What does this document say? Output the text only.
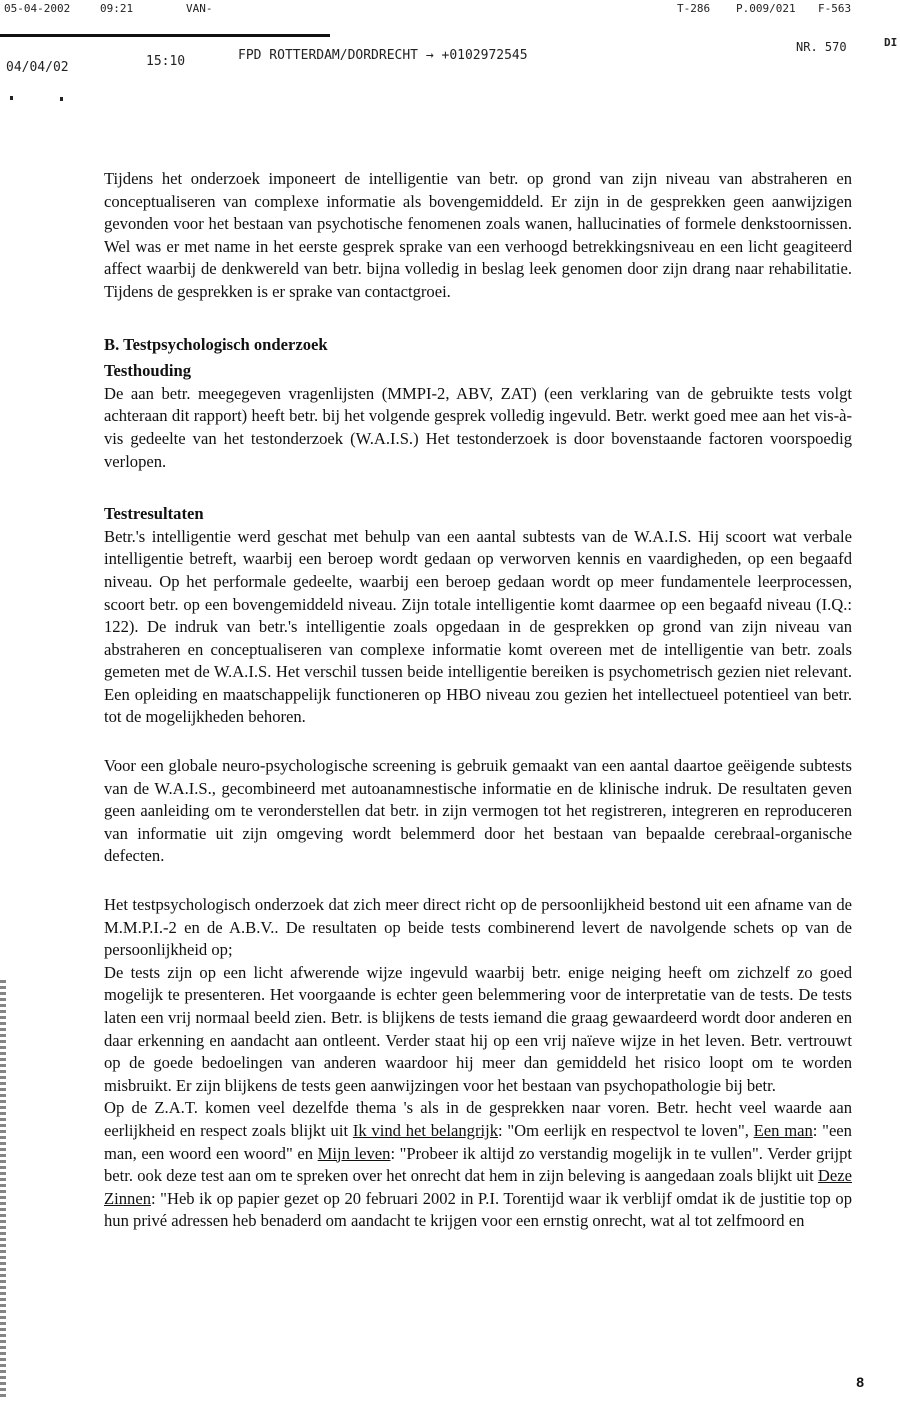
05-04-2002	09:21	VAN-	T-286 P.009/021 F-563
04/04/02	15:10	FPD ROTTERDAM/DORDRECHT → +0102972545
NR. 570	DI

Tijdens het onderzoek imponeert de intelligentie van betr. op grond van zijn niveau van abstraheren en conceptualiseren van complexe informatie als bovengemiddeld. Er zijn in de gesprekken geen aanwijzigen gevonden voor het bestaan van psychotische fenomenen zoals wanen, hallucinaties of formele denkstoornissen. Wel was er met name in het eerste gesprek sprake van een verhoogd betrekkingsniveau en een licht geagiteerd affect waarbij de denkwereld van betr. bijna volledig in beslag leek genomen door zijn drang naar rehabilitatie. Tijdens de gesprekken is er sprake van contactgroei.

B. Testpsychologisch onderzoek

Testhouding

De aan betr. meegegeven vragenlijsten (MMPI-2, ABV, ZAT) (een verklaring van de gebruikte tests volgt achteraan dit rapport) heeft betr. bij het volgende gesprek volledig ingevuld. Betr. werkt goed mee aan het vis-à-vis gedeelte van het testonderzoek (W.A.I.S.) Het testonderzoek is door bovenstaande factoren voorspoedig verlopen.

Testresultaten

Betr.'s intelligentie werd geschat met behulp van een aantal subtests van de W.A.I.S. Hij scoort wat verbale intelligentie betreft, waarbij een beroep wordt gedaan op verworven kennis en vaardigheden, op een begaafd niveau. Op het performale gedeelte, waarbij een beroep gedaan wordt op meer fundamentele leerprocessen, scoort betr. op een bovengemiddeld niveau. Zijn totale intelligentie komt daarmee op een begaafd niveau (I.Q.: 122). De indruk van betr.'s intelligentie zoals opgedaan in de gesprekken op grond van zijn niveau van abstraheren en conceptualiseren van complexe informatie komt overeen met de intelligentie van betr. zoals gemeten met de W.A.I.S. Het verschil tussen beide intelligentie bereiken is psychometrisch gezien niet relevant. Een opleiding en maatschappelijk functioneren op HBO niveau zou gezien het intellectueel potentieel van betr. tot de mogelijkheden behoren.

Voor een globale neuro-psychologische screening is gebruik gemaakt van een aantal daartoe geëigende subtests van de W.A.I.S., gecombineerd met autoanamnestische informatie en de klinische indruk. De resultaten geven geen aanleiding om te veronderstellen dat betr. in zijn vermogen tot het registreren, integreren en reproduceren van informatie uit zijn omgeving wordt belemmerd door het bestaan van bepaalde cerebraal-organische defecten.

Het testpsychologisch onderzoek dat zich meer direct richt op de persoonlijkheid bestond uit een afname van de M.M.P.I.-2 en de A.B.V.. De resultaten op beide tests combinerend levert de navolgende schets op van de persoonlijkheid op;

De tests zijn op een licht afwerende wijze ingevuld waarbij betr. enige neiging heeft om zichzelf zo goed mogelijk te presenteren. Het voorgaande is echter geen belemmering voor de interpretatie van de tests. De tests laten een vrij normaal beeld zien. Betr. is blijkens de tests iemand die graag gewaardeerd wordt door anderen en daar erkenning en aandacht aan ontleent. Verder staat hij op een vrij naïeve wijze in het leven. Betr. vertrouwt op de goede bedoelingen van anderen waardoor hij meer dan gemiddeld het risico loopt om te worden misbruikt. Er zijn blijkens de tests geen aanwijzingen voor het bestaan van psychopathologie bij betr.

Op de Z.A.T. komen veel dezelfde thema 's als in de gesprekken naar voren. Betr. hecht veel waarde aan eerlijkheid en respect zoals blijkt uit Ik vind het belangrijk: "Om eerlijk en respectvol te loven", Een man: "een man, een woord een woord" en Mijn leven: "Probeer ik altijd zo verstandig mogelijk in te vullen". Verder grijpt betr. ook deze test aan om te spreken over het onrecht dat hem in zijn beleving is aangedaan zoals blijkt uit Deze Zinnen: "Heb ik op papier gezet op 20 februari 2002 in P.I. Torentijd waar ik verblijf omdat ik de justitie top op hun privé adressen heb benaderd om aandacht te krijgen voor een ernstig onrecht, wat al tot zelfmoord en

8
